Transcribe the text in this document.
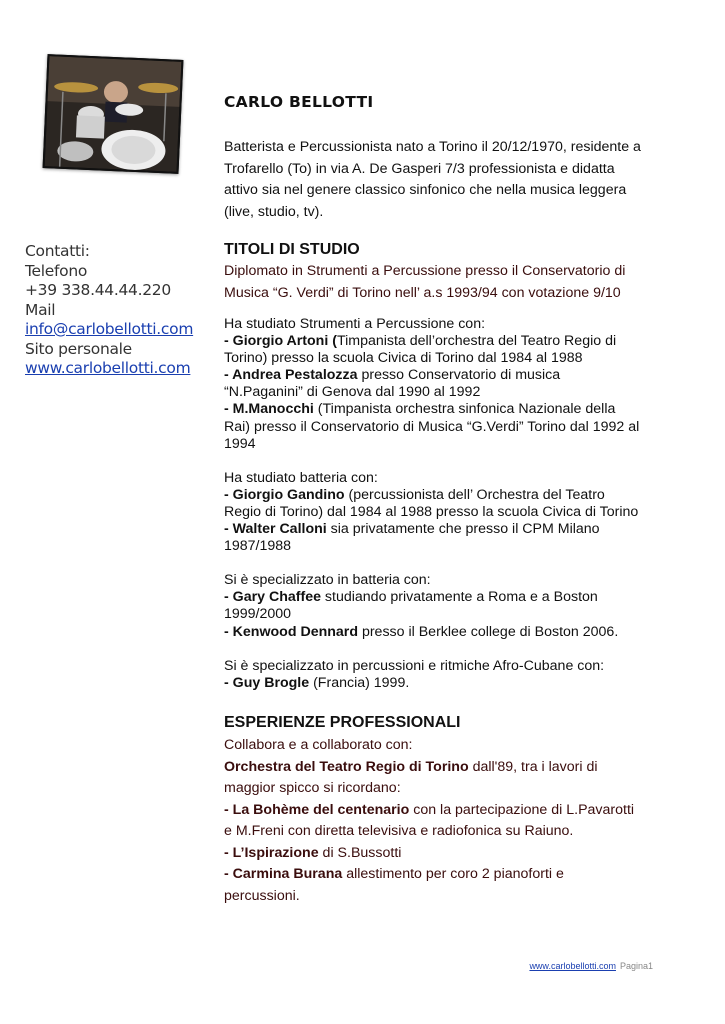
Contatti:
Telefono
+39 338.44.44.220
Mail
info@carlobellotti.com
Sito personale
www.carlobellotti.com
CARLO BELLOTTI
Batterista e Percussionista nato a Torino il 20/12/1970, residente a
Trofarello (To) in via A. De Gasperi 7/3 professionista e didatta
attivo sia nel genere classico sinfonico che nella musica leggera
(live, studio, tv).
TITOLI DI STUDIO
Diplomato in Strumenti a Percussione presso il Conservatorio di
Musica “G. Verdi” di Torino nell’ a.s 1993/94 con votazione 9/10
Ha studiato Strumenti a Percussione con:
- Giorgio Artoni (Timpanista dell’orchestra del Teatro Regio di
Torino) presso la scuola Civica di Torino dal 1984 al 1988
- Andrea Pestalozza presso Conservatorio di musica
“N.Paganini” di Genova dal 1990 al 1992
- M.Manocchi (Timpanista orchestra sinfonica Nazionale della
Rai) presso il Conservatorio di Musica “G.Verdi” Torino dal 1992 al
1994
Ha studiato batteria con:
- Giorgio Gandino (percussionista dell’ Orchestra del Teatro
Regio di Torino) dal 1984 al 1988 presso la scuola Civica di Torino
- Walter Calloni sia privatamente che presso il CPM Milano
1987/1988
Si è specializzato in batteria con:
- Gary Chaffee studiando privatamente a Roma e a Boston
1999/2000
- Kenwood Dennard presso il Berklee college di Boston 2006.
Si è specializzato in percussioni e ritmiche Afro-Cubane con:
- Guy Brogle (Francia) 1999.
ESPERIENZE PROFESSIONALI
Collabora e a collaborato con:
Orchestra del Teatro Regio di Torino dall'89, tra i lavori di
maggior spicco si ricordano:
- La Bohème del centenario con la partecipazione di L.Pavarotti
e M.Freni con diretta televisiva e radiofonica su Raiuno.
- L’Ispirazione di S.Bussotti
- Carmina Burana allestimento per coro 2 pianoforti e
percussioni.
www.carlobellotti.com Pagina1
